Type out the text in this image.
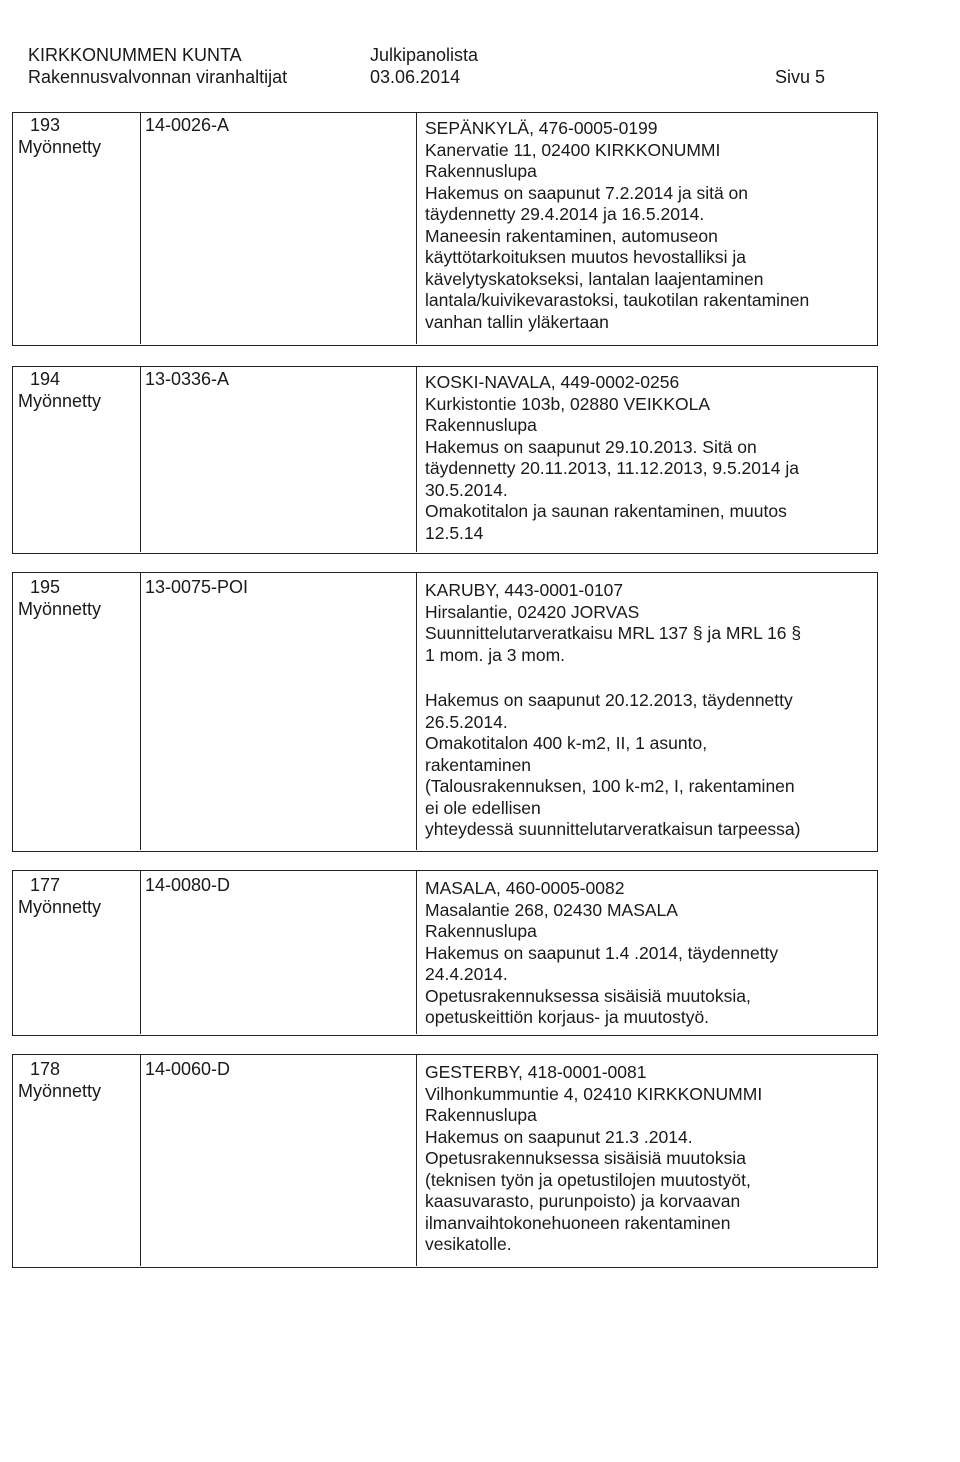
KIRKKONUMMEN KUNTA
Rakennusvalvonnan viranhaltijat
Julkipanolista
03.06.2014	Sivu 5
193
Myönnetty
14-0026-A	SEPÄNKYLÄ, 476-0005-0199
Kanervatie 11, 02400 KIRKKONUMMI
Rakennuslupa
Hakemus on saapunut 7.2.2014 ja sitä on
täydennetty 29.4.2014 ja 16.5.2014.
Maneesin rakentaminen, automuseon
käyttötarkoituksen muutos hevostalliksi ja
kävelytyskatokseksi, lantalan laajentaminen
lantala/kuivikevarastoksi, taukotilan rakentaminen
vanhan tallin yläkertaan
194
Myönnetty
13-0336-A	KOSKI-NAVALA, 449-0002-0256
Kurkistontie 103b, 02880 VEIKKOLA
Rakennuslupa
Hakemus on saapunut 29.10.2013. Sitä on
täydennetty 20.11.2013, 11.12.2013, 9.5.2014 ja
30.5.2014.
Omakotitalon ja saunan rakentaminen, muutos
12.5.14
195
Myönnetty
13-0075-POI	KARUBY, 443-0001-0107
Hirsalantie, 02420 JORVAS
Suunnittelutarveratkaisu MRL 137 § ja MRL 16 §
1 mom. ja 3 mom.
Hakemus on saapunut 20.12.2013, täydennetty
26.5.2014.
Omakotitalon 400 k-m2, II, 1 asunto,
rakentaminen
(Talousrakennuksen, 100 k-m2, I, rakentaminen
ei ole edellisen
yhteydessä suunnittelutarveratkaisun tarpeessa)
177
Myönnetty
14-0080-D	MASALA, 460-0005-0082
Masalantie 268, 02430 MASALA
Rakennuslupa
Hakemus on saapunut 1.4 .2014, täydennetty
24.4.2014.
Opetusrakennuksessa sisäisiä muutoksia,
opetuskeittiön korjaus- ja muutostyö.
178
Myönnetty
14-0060-D	GESTERBY, 418-0001-0081
Vilhonkummuntie 4, 02410 KIRKKONUMMI
Rakennuslupa
Hakemus on saapunut 21.3 .2014.
Opetusrakennuksessa sisäisiä muutoksia
(teknisen työn ja opetustilojen muutostyöt,
kaasuvarasto, purunpoisto) ja korvaavan
ilmanvaihtokonehuoneen rakentaminen
vesikatolle.
